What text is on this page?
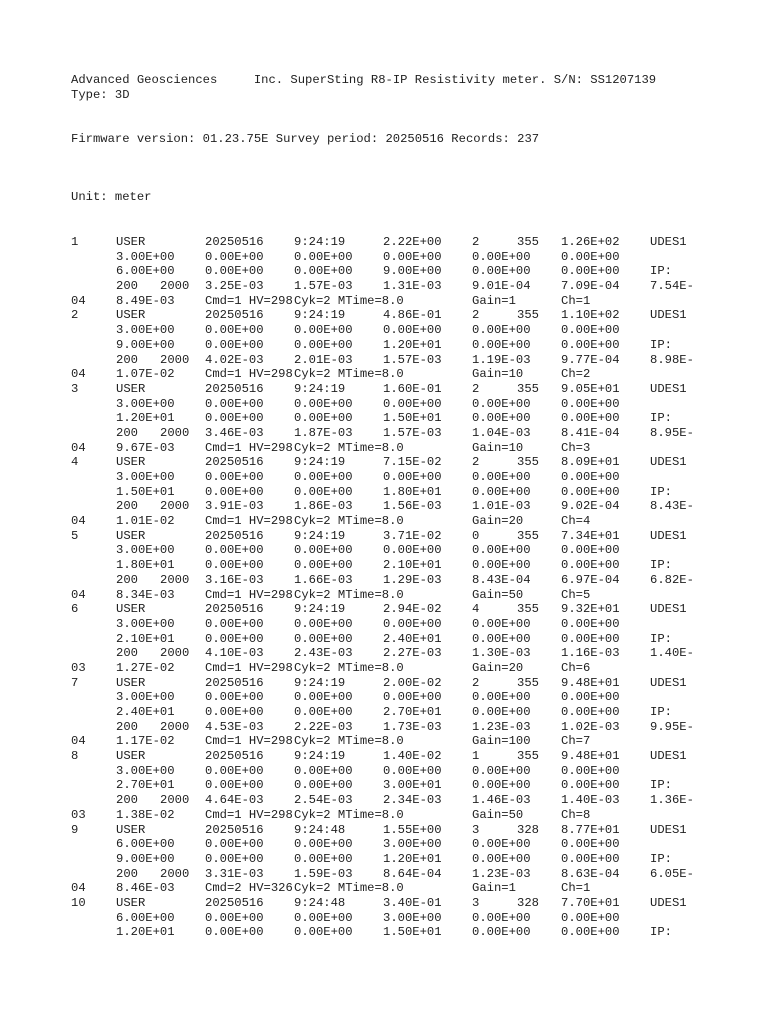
Advanced Geosciences	Inc. SuperSting R8-IP Resistivity meter. S/N: SS1207139
Type: 3D
Firmware version: 01.23.75E Survey period: 20250516 Records: 237
Unit: meter
1	USER	20250516 9:24:19	2.22E+00 2	355 1.26E+02 UDES1
3.00E+00 0.00E+00 0.00E+00 0.00E+00 0.00E+00 0.00E+00
6.00E+00 0.00E+00 0.00E+00 9.00E+00 0.00E+00 0.00E+00 IP:
200 2000 3.25E-03 1.57E-03 1.31E-03 9.01E-04 7.09E-04 7.54E-
04 8.49E-03 Cmd=1 HV=298 Cyk=2 MTime=8.0	Gain=1	Ch=1
2	USER	20250516 9:24:19	4.86E-01 2	355 1.10E+02 UDES1
3.00E+00 0.00E+00 0.00E+00 0.00E+00 0.00E+00 0.00E+00
9.00E+00 0.00E+00 0.00E+00 1.20E+01 0.00E+00 0.00E+00 IP:
200 2000 4.02E-03 2.01E-03 1.57E-03 1.19E-03 9.77E-04 8.98E-
04 1.07E-02 Cmd=1 HV=298 Cyk=2 MTime=8.0	Gain=10	Ch=2
3	USER	20250516 9:24:19	1.60E-01 2	355 9.05E+01 UDES1
3.00E+00 0.00E+00 0.00E+00 0.00E+00 0.00E+00 0.00E+00
1.20E+01 0.00E+00 0.00E+00 1.50E+01 0.00E+00 0.00E+00 IP:
200 2000 3.46E-03 1.87E-03 1.57E-03 1.04E-03 8.41E-04 8.95E-
04 9.67E-03 Cmd=1 HV=298 Cyk=2 MTime=8.0	Gain=10	Ch=3
4	USER	20250516 9:24:19	7.15E-02 2	355 8.09E+01 UDES1
3.00E+00 0.00E+00 0.00E+00 0.00E+00 0.00E+00 0.00E+00
1.50E+01 0.00E+00 0.00E+00 1.80E+01 0.00E+00 0.00E+00 IP:
200 2000 3.91E-03 1.86E-03 1.56E-03 1.01E-03 9.02E-04 8.43E-
04 1.01E-02 Cmd=1 HV=298 Cyk=2 MTime=8.0	Gain=20	Ch=4
5	USER	20250516 9:24:19	3.71E-02 0	355 7.34E+01 UDES1
3.00E+00 0.00E+00 0.00E+00 0.00E+00 0.00E+00 0.00E+00
1.80E+01 0.00E+00 0.00E+00 2.10E+01 0.00E+00 0.00E+00 IP:
200 2000 3.16E-03 1.66E-03 1.29E-03 8.43E-04 6.97E-04 6.82E-
04 8.34E-03 Cmd=1 HV=298 Cyk=2 MTime=8.0	Gain=50	Ch=5
6	USER	20250516 9:24:19	2.94E-02 4	355 9.32E+01 UDES1
3.00E+00 0.00E+00 0.00E+00 0.00E+00 0.00E+00 0.00E+00
2.10E+01 0.00E+00 0.00E+00 2.40E+01 0.00E+00 0.00E+00 IP:
200 2000 4.10E-03 2.43E-03 2.27E-03 1.30E-03 1.16E-03 1.40E-
03 1.27E-02 Cmd=1 HV=298 Cyk=2 MTime=8.0	Gain=20	Ch=6
7	USER	20250516 9:24:19	2.00E-02 2	355 9.48E+01 UDES1
3.00E+00 0.00E+00 0.00E+00 0.00E+00 0.00E+00 0.00E+00
2.40E+01 0.00E+00 0.00E+00 2.70E+01 0.00E+00 0.00E+00 IP:
200 2000 4.53E-03 2.22E-03 1.73E-03 1.23E-03 1.02E-03 9.95E-
04 1.17E-02 Cmd=1 HV=298 Cyk=2 MTime=8.0	Gain=100 Ch=7
8	USER	20250516 9:24:19	1.40E-02 1	355 9.48E+01 UDES1
3.00E+00 0.00E+00 0.00E+00 0.00E+00 0.00E+00 0.00E+00
2.70E+01 0.00E+00 0.00E+00 3.00E+01 0.00E+00 0.00E+00 IP:
200 2000 4.64E-03 2.54E-03 2.34E-03 1.46E-03 1.40E-03 1.36E-
03 1.38E-02 Cmd=1 HV=298 Cyk=2 MTime=8.0	Gain=50	Ch=8
9	USER	20250516 9:24:48	1.55E+00 3	328 8.77E+01 UDES1
6.00E+00 0.00E+00 0.00E+00 3.00E+00 0.00E+00 0.00E+00
9.00E+00 0.00E+00 0.00E+00 1.20E+01 0.00E+00 0.00E+00 IP:
200 2000 3.31E-03 1.59E-03 8.64E-04 1.23E-03 8.63E-04 6.05E-
04 8.46E-03 Cmd=2 HV=326 Cyk=2 MTime=8.0	Gain=1	Ch=1
10 USER	20250516 9:24:48	3.40E-01 3	328 7.70E+01 UDES1
6.00E+00 0.00E+00 0.00E+00 3.00E+00 0.00E+00 0.00E+00
1.20E+01 0.00E+00 0.00E+00 1.50E+01 0.00E+00 0.00E+00 IP:
